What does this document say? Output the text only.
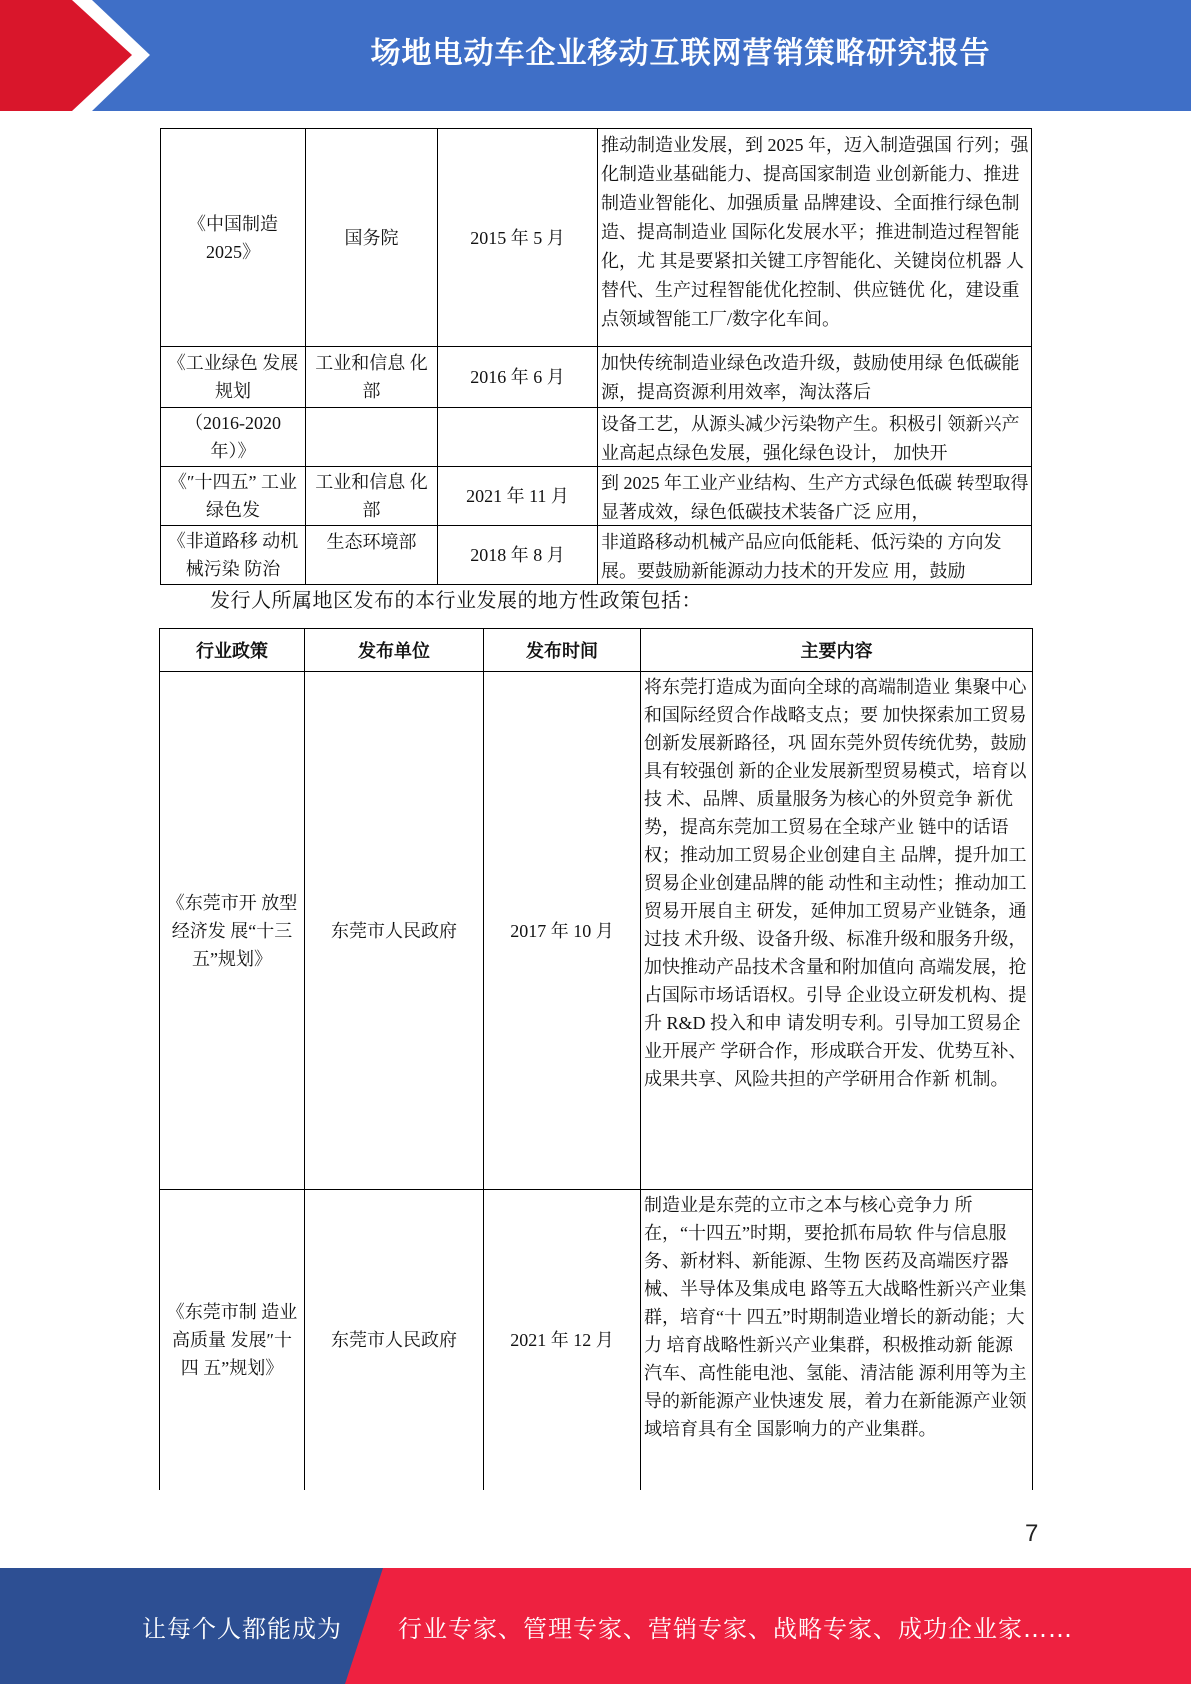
场地电动车企业移动互联网营销策略研究报告
《中国制造 2025》	国务院	2015 年 5 月	推动制造业发展，到 2025 年，迈入制造强国 行列；强化制造业基础能力、提高国家制造 业创新能力、推进制造业智能化、加强质量 品牌建设、全面推行绿色制造、提高制造业 国际化发展水平；推进制造过程智能化，尤 其是要紧扣关键工序智能化、关键岗位机器 人替代、生产过程智能优化控制、供应链优 化，建设重点领域智能工厂/数字化车间。
《工业绿色 发展规划	工业和信息 化部	2016 年 6 月	加快传统制造业绿色改造升级，鼓励使用绿 色低碳能源，提高资源利用效率，淘汰落后
（2016-2020 年）》			设备工艺，从源头减少污染物产生。积极引 领新兴产业高起点绿色发展，强化绿色设计， 加快开

《″十四五” 工业绿色发	工业和信息 化部	2021 年 11 月	到 2025 年工业产业结构、生产方式绿色低碳 转型取得显著成效，绿色低碳技术装备广泛 应用，

《非道路移 动机械污染 防治	生态环境部	2018 年 8 月	非道路移动机械产品应向低能耗、低污染的 方向发展。要鼓励新能源动力技术的开发应 用，鼓励
发行人所属地区发布的本行业发展的地方性政策包括：
行业政策	发布单位	发布时间	主要内容
《东莞市开 放型经济发 展“十三 五”规划》	东莞市人民政府	2017 年 10 月	将东莞打造成为面向全球的高端制造业 集聚中心和国际经贸合作战略支点；要 加快探索加工贸易创新发展新路径，巩 固东莞外贸传统优势，鼓励具有较强创 新的企业发展新型贸易模式，培育以技 术、品牌、质量服务为核心的外贸竞争 新优势，提高东莞加工贸易在全球产业 链中的话语权；推动加工贸易企业创建自主 品牌，提升加工贸易企业创建品牌的能 动性和主动性；推动加工贸易开展自主 研发，延伸加工贸易产业链条，通过技 术升级、设备升级、标准升级和服务升级，加快推动产品技术含量和附加值向 高端发展，抢占国际市场话语权。引导 企业设立研发机构、提升 R&D 投入和申 请发明专利。引导加工贸易企业开展产 学研合作，形成联合开发、优势互补、 成果共享、风险共担的产学研用合作新 机制。
《东莞市制 造业高质量 发展″十四 五”规划》	东莞市人民政府	2021 年 12 月	制造业是东莞的立市之本与核心竞争力 所在，“十四五”时期，要抢抓布局软 件与信息服务、新材料、新能源、生物 医药及高端医疗器械、半导体及集成电 路等五大战略性新兴产业集群，培育“十 四五”时期制造业增长的新动能；大力 培育战略性新兴产业集群，积极推动新 能源汽车、高性能电池、氢能、清洁能 源利用等为主导的新能源产业快速发 展，着力在新能源产业领域培育具有全 国影响力的产业集群。
7
让每个人都能成为 行业专家、管理专家、营销专家、战略专家、成功企业家……
